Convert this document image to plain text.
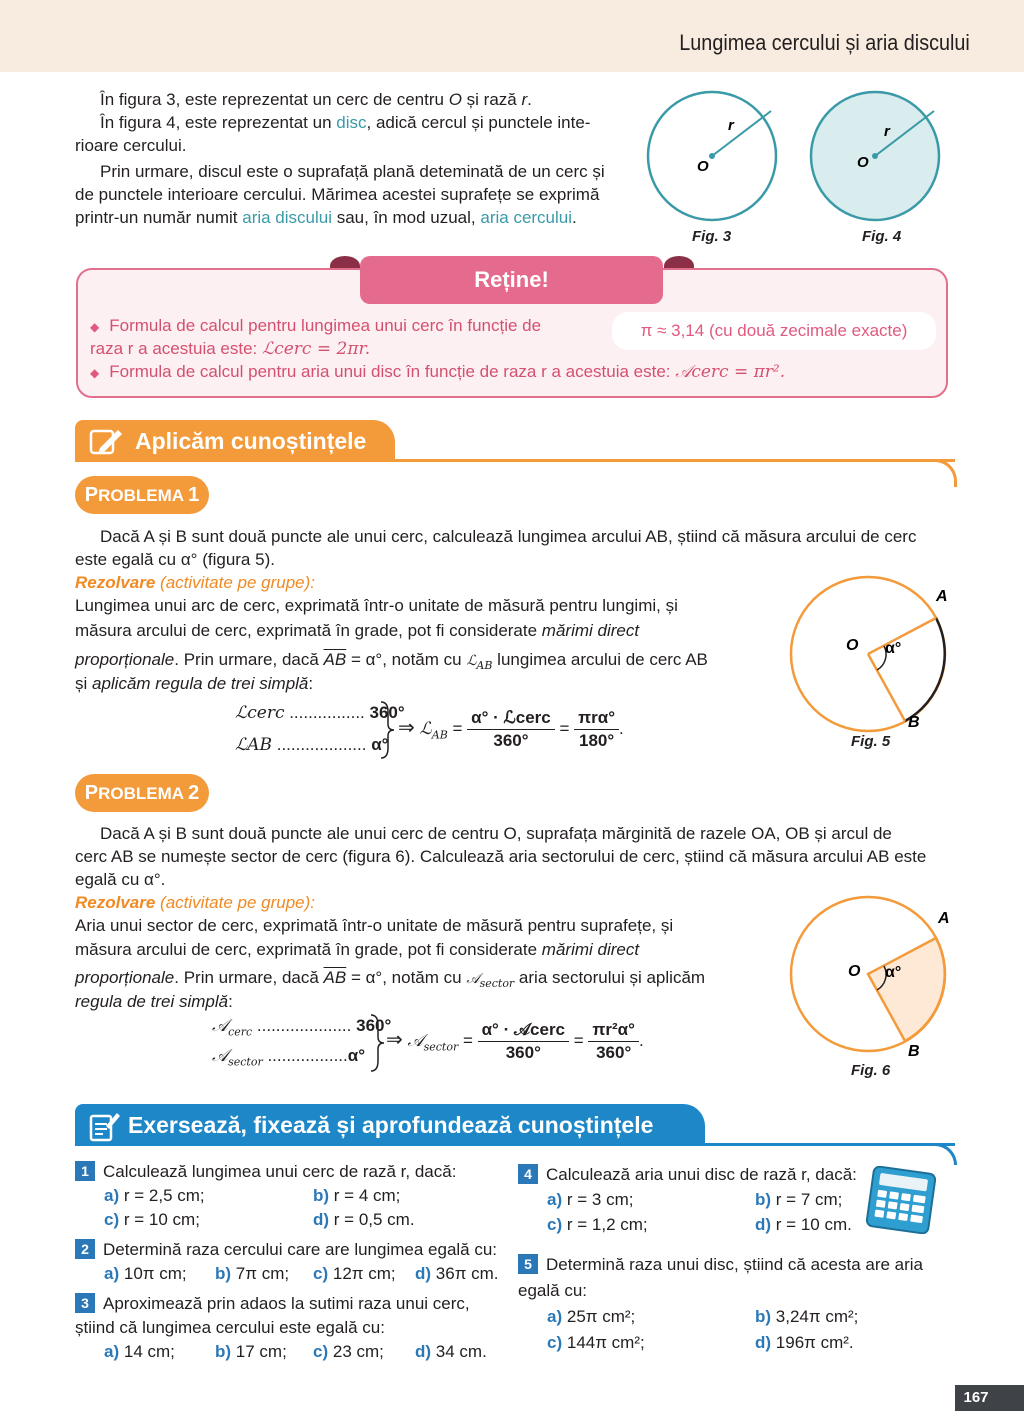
Lungimea cercului și aria discului
În figura 3, este reprezentat un cerc de centru O și rază r.
În figura 4, este reprezentat un disc, adică cercul și punctele inte-
rioare cercului.
Prin urmare, discul este o suprafață plană deteminată de un cerc și
de punctele interioare cercului. Mărimea acestei suprafețe se exprimă
printr-un număr numit aria discului sau, în mod uzual, aria cercului.
O
r
Fig. 3
O
r
Fig. 4
Reține!
π ≈ 3,14 (cu două zecimale exacte)
◆ Formula de calcul pentru lungimea unui cerc în funcție de
raza r a acestuia este: ℒcerc = 2πr.
◆ Formula de calcul pentru aria unui disc în funcție de raza r a acestuia este: 𝒜cerc = πr².
Aplicăm cunoștințele
PROBLEMA 1
Dacă A și B sunt două puncte ale unui cerc, calculează lungimea arcului AB, știind că măsura arcului de cerc
este egală cu α° (figura 5).
Rezolvare (activitate pe grupe):
Lungimea unui arc de cerc, exprimată într-o unitate de măsură pentru lungimi, și
măsura arcului de cerc, exprimată în grade, pot fi considerate mărimi direct
proporționale. Prin urmare, dacă $\overline{AB} = \alpha^\circ$, notăm cu ℒ$_{AB}$ lungimea arcului de cerc AB
și aplicăm regula de trei simplă:
ℒcerc ................ 360°
ℒAB ................... α°
⇒ ℒ$_{AB}$ = $\frac{\text{α° · ℒcerc}}{360^\circ} = \frac{\text{πrα°}}{180^\circ}$ .
O
A
B
α°
Fig. 5
PROBLEMA 2
Dacă A și B sunt două puncte ale unui cerc de centru O, suprafața mărginită de razele OA, OB și arcul de
cerc AB se numește sector de cerc (figura 6). Calculează aria sectorului de cerc, știind că măsura arcului AB este
egală cu α°.
Rezolvare (activitate pe grupe):
Aria unui sector de cerc, exprimată într-o unitate de măsură pentru suprafețe, și
măsura arcului de cerc, exprimată în grade, pot fi considerate mărimi direct
proporționale. Prin urmare, dacă $\overline{AB} = \alpha^\circ$, notăm cu 𝒜$_{sector}$ aria sectorului și aplicăm
regula de trei simplă:
𝒜$_{cerc}$ .................... 360°
𝒜$_{sector}$ .................α°
⇒ 𝒜$_{sector}$ = $\frac{\text{α° · 𝒜cerc}}{360^\circ} = \frac{\text{πr²α°}}{360^\circ}$ .
O
A
B
α°
Fig. 6
Exersează, fixează și aprofundează cunoștințele
1 Calculează lungimea unui cerc de rază r, dacă:
a) r = 2,5 cm;	b) r = 4 cm;
c) r = 10 cm;	d) r = 0,5 cm.
2 Determină raza cercului care are lungimea egală cu:
a) 10π cm; b) 7π cm; c) 12π cm; d) 36π cm.
3 Aproximează prin adaos la sutimi raza unui cerc,
știind că lungimea cercului este egală cu:
a) 14 cm; b) 17 cm; c) 23 cm; d) 34 cm.
4 Calculează aria unui disc de rază r, dacă:
a) r = 3 cm;	b) r = 7 cm;
c) r = 1,2 cm;	d) r = 10 cm.
5 Determină raza unui disc, știind că acesta are aria
egală cu:
a) 25π cm²;	b) 3,24π cm²;
c) 144π cm²;	d) 196π cm².
167
